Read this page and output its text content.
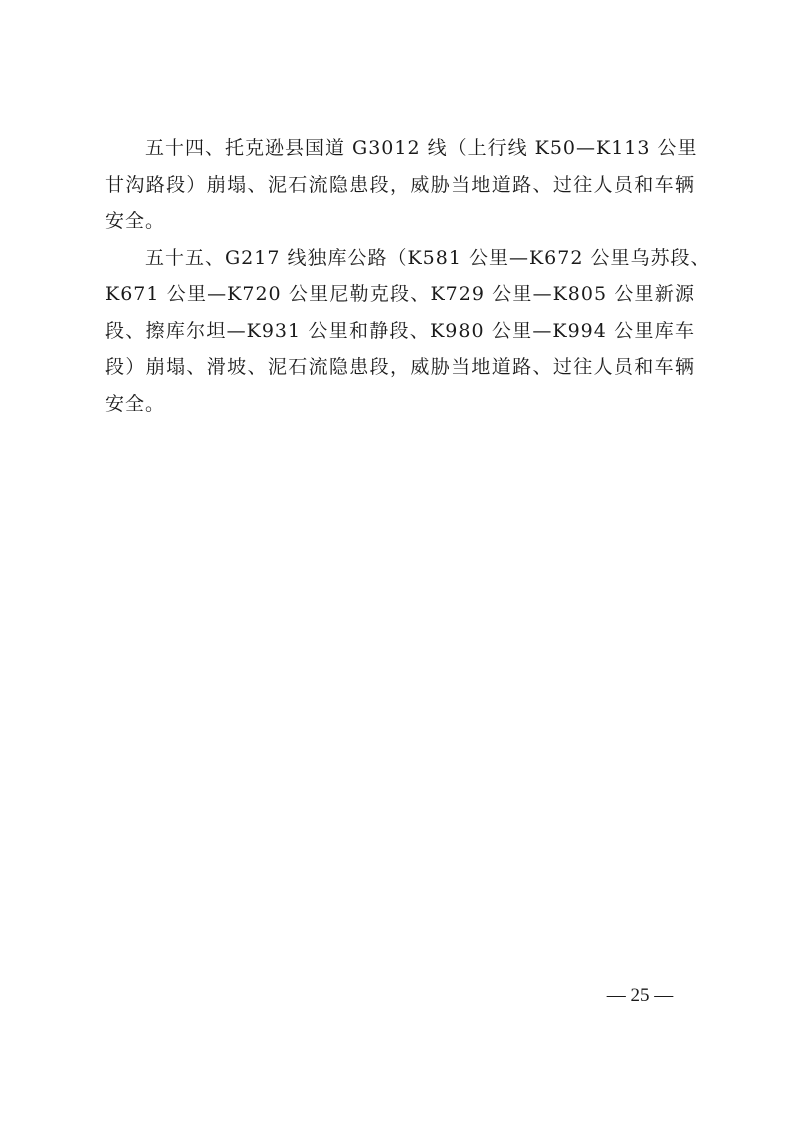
五十四、托克逊县国道 G3012 线（上行线 K50—K113 公里
甘沟路段）崩塌、泥石流隐患段，威胁当地道路、过往人员和车辆
安全。
五十五、G217 线独库公路（K581 公里—K672 公里乌苏段、
K671 公里—K720 公里尼勒克段、K729 公里—K805 公里新源
段、擦库尔坦—K931 公里和静段、K980 公里—K994 公里库车
段）崩塌、滑坡、泥石流隐患段，威胁当地道路、过往人员和车辆
安全。
— 25 —
